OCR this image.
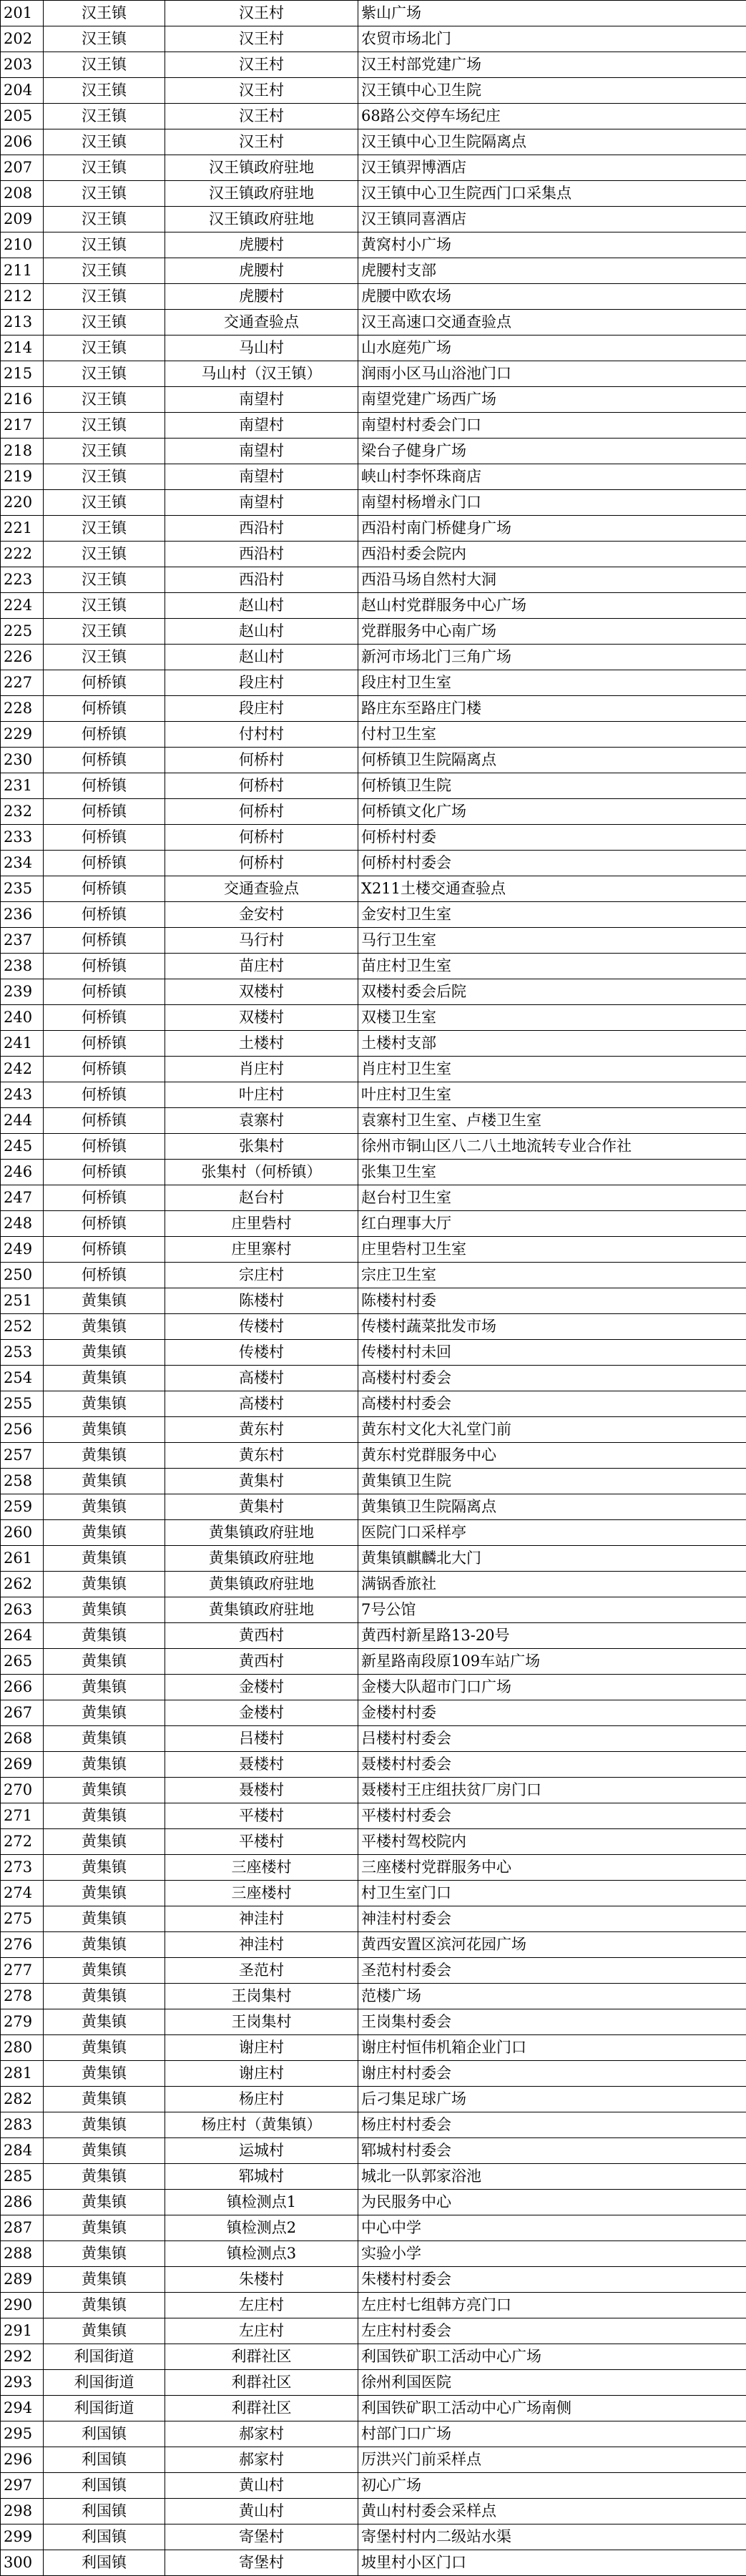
201	汉王镇	汉王村	紫山广场
202	汉王镇	汉王村	农贸市场北门
203	汉王镇	汉王村	汉王村部党建广场
204	汉王镇	汉王村	汉王镇中心卫生院
205	汉王镇	汉王村	68路公交停车场纪庄
206	汉王镇	汉王村	汉王镇中心卫生院隔离点
207	汉王镇	汉王镇政府驻地	汉王镇羿博酒店
208	汉王镇	汉王镇政府驻地	汉王镇中心卫生院西门口采集点
209	汉王镇	汉王镇政府驻地	汉王镇同喜酒店
210	汉王镇	虎腰村	黄窝村小广场
211	汉王镇	虎腰村	虎腰村支部
212	汉王镇	虎腰村	虎腰中欧农场
213	汉王镇	交通查验点	汉王高速口交通查验点
214	汉王镇	马山村	山水庭苑广场
215	汉王镇	马山村（汉王镇）	润雨小区马山浴池门口
216	汉王镇	南望村	南望党建广场西广场
217	汉王镇	南望村	南望村村委会门口
218	汉王镇	南望村	梁台子健身广场
219	汉王镇	南望村	峡山村李怀珠商店
220	汉王镇	南望村	南望村杨增永门口
221	汉王镇	西沿村	西沿村南门桥健身广场
222	汉王镇	西沿村	西沿村委会院内
223	汉王镇	西沿村	西沿马场自然村大洞
224	汉王镇	赵山村	赵山村党群服务中心广场
225	汉王镇	赵山村	党群服务中心南广场
226	汉王镇	赵山村	新河市场北门三角广场
227	何桥镇	段庄村	段庄村卫生室
228	何桥镇	段庄村	路庄东至路庄门楼
229	何桥镇	付村村	付村卫生室
230	何桥镇	何桥村	何桥镇卫生院隔离点
231	何桥镇	何桥村	何桥镇卫生院
232	何桥镇	何桥村	何桥镇文化广场
233	何桥镇	何桥村	何桥村村委
234	何桥镇	何桥村	何桥村村委会
235	何桥镇	交通查验点	X211土楼交通查验点
236	何桥镇	金安村	金安村卫生室
237	何桥镇	马行村	马行卫生室
238	何桥镇	苗庄村	苗庄村卫生室
239	何桥镇	双楼村	双楼村委会后院
240	何桥镇	双楼村	双楼卫生室
241	何桥镇	土楼村	土楼村支部
242	何桥镇	肖庄村	肖庄村卫生室
243	何桥镇	叶庄村	叶庄村卫生室
244	何桥镇	袁寨村	袁寨村卫生室、卢楼卫生室
245	何桥镇	张集村	徐州市铜山区八二八土地流转专业合作社
246	何桥镇	张集村（何桥镇）	张集卫生室
247	何桥镇	赵台村	赵台村卫生室
248	何桥镇	庄里砦村	红白理事大厅
249	何桥镇	庄里寨村	庄里砦村卫生室
250	何桥镇	宗庄村	宗庄卫生室
251	黄集镇	陈楼村	陈楼村村委
252	黄集镇	传楼村	传楼村蔬菜批发市场
253	黄集镇	传楼村	传楼村村未回
254	黄集镇	高楼村	高楼村村委会
255	黄集镇	高楼村	高楼村村委会
256	黄集镇	黄东村	黄东村文化大礼堂门前
257	黄集镇	黄东村	黄东村党群服务中心
258	黄集镇	黄集村	黄集镇卫生院
259	黄集镇	黄集村	黄集镇卫生院隔离点
260	黄集镇	黄集镇政府驻地	医院门口采样亭
261	黄集镇	黄集镇政府驻地	黄集镇麒麟北大门
262	黄集镇	黄集镇政府驻地	满锅香旅社
263	黄集镇	黄集镇政府驻地	7号公馆
264	黄集镇	黄西村	黄西村新星路13-20号
265	黄集镇	黄西村	新星路南段原109车站广场
266	黄集镇	金楼村	金楼大队超市门口广场
267	黄集镇	金楼村	金楼村村委
268	黄集镇	吕楼村	吕楼村村委会
269	黄集镇	聂楼村	聂楼村村委会
270	黄集镇	聂楼村	聂楼村王庄组扶贫厂房门口
271	黄集镇	平楼村	平楼村村委会
272	黄集镇	平楼村	平楼村驾校院内
273	黄集镇	三座楼村	三座楼村党群服务中心
274	黄集镇	三座楼村	村卫生室门口
275	黄集镇	神洼村	神洼村村委会
276	黄集镇	神洼村	黄西安置区滨河花园广场
277	黄集镇	圣范村	圣范村村委会
278	黄集镇	王岗集村	范楼广场
279	黄集镇	王岗集村	王岗集村委会
280	黄集镇	谢庄村	谢庄村恒伟机箱企业门口
281	黄集镇	谢庄村	谢庄村村委会
282	黄集镇	杨庄村	后刁集足球广场
283	黄集镇	杨庄村（黄集镇）	杨庄村村委会
284	黄集镇	运城村	郓城村村委会
285	黄集镇	郓城村	城北一队郭家浴池
286	黄集镇	镇检测点1	为民服务中心
287	黄集镇	镇检测点2	中心中学
288	黄集镇	镇检测点3	实验小学
289	黄集镇	朱楼村	朱楼村村委会
290	黄集镇	左庄村	左庄村七组韩方亮门口
291	黄集镇	左庄村	左庄村村委会
292	利国街道	利群社区	利国铁矿职工活动中心广场
293	利国街道	利群社区	徐州利国医院
294	利国街道	利群社区	利国铁矿职工活动中心广场南侧
295	利国镇	郝家村	村部门口广场
296	利国镇	郝家村	厉洪兴门前采样点
297	利国镇	黄山村	初心广场
298	利国镇	黄山村	黄山村村委会采样点
299	利国镇	寄堡村	寄堡村村内二级站水渠
300	利国镇	寄堡村	坡里村小区门口
